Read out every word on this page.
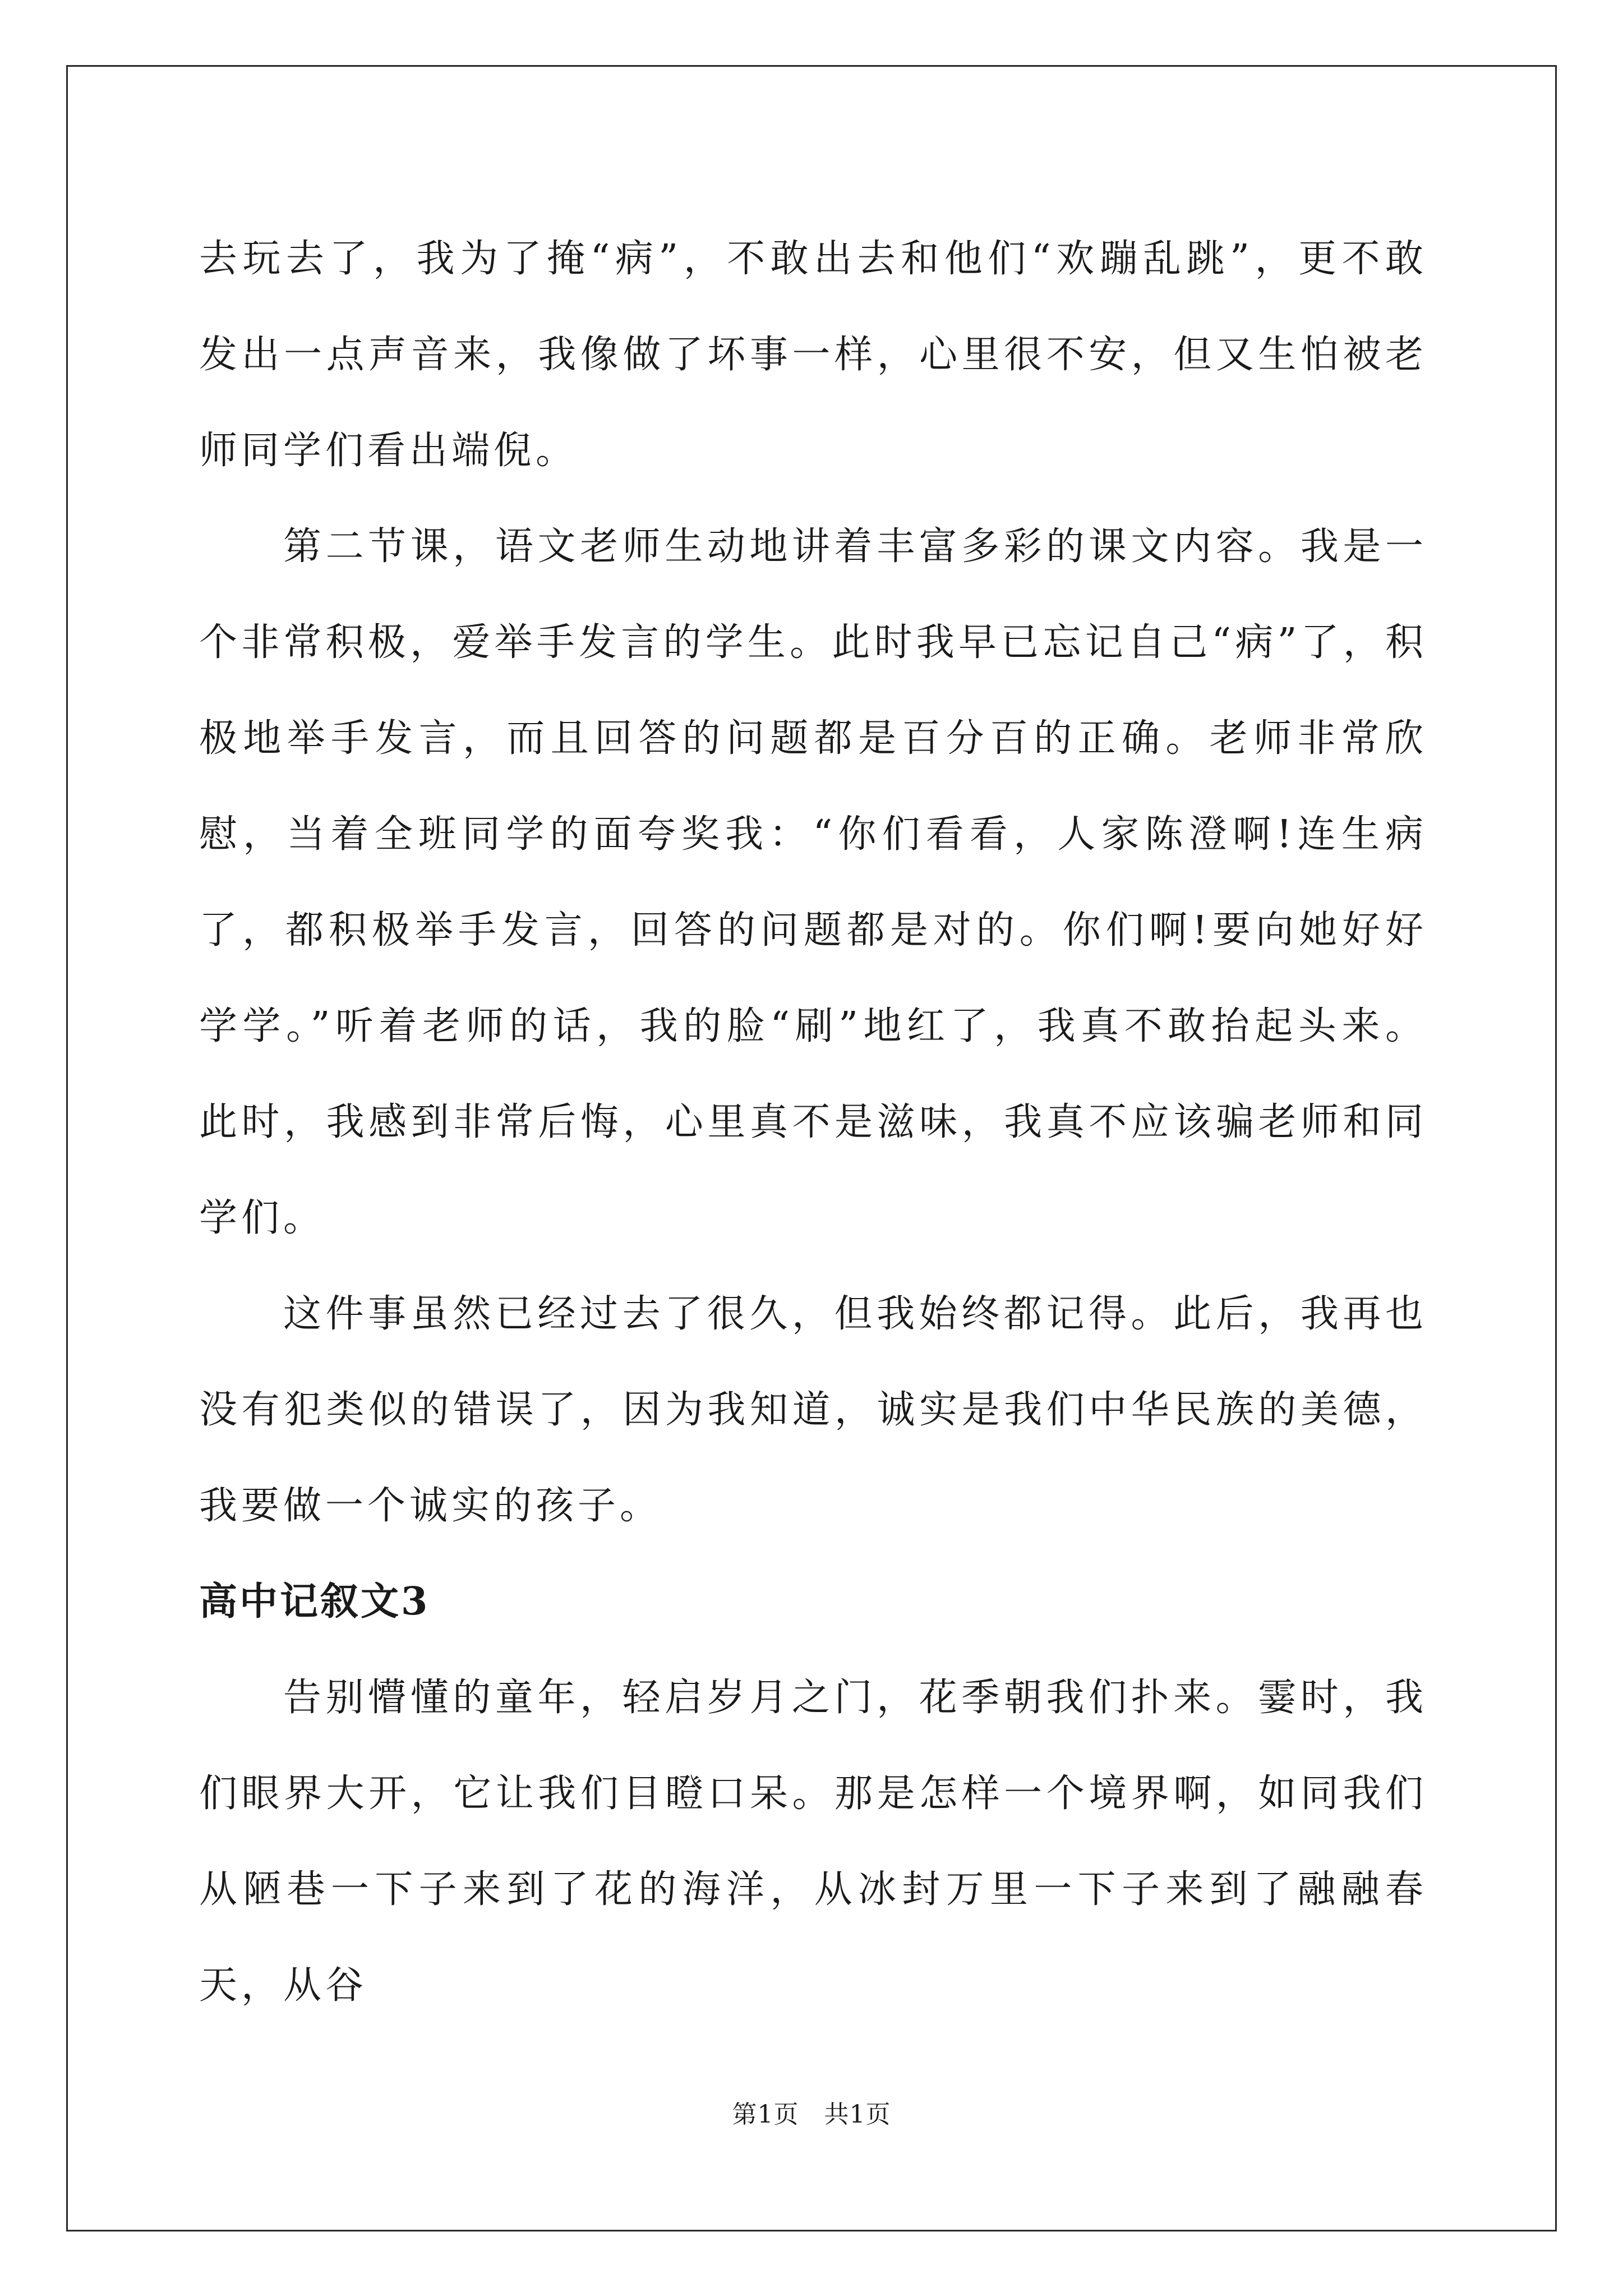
去玩去了，我为了掩“病”，不敢出去和他们“欢蹦乱跳”，更不敢发出一点声音来，我像做了坏事一样，心里很不安，但又生怕被老师同学们看出端倪。

第二节课，语文老师生动地讲着丰富多彩的课文内容。我是一个非常积极，爱举手发言的学生。此时我早已忘记自己“病”了，积极地举手发言，而且回答的问题都是百分百的正确。老师非常欣慰，当着全班同学的面夸奖我：“你们看看，人家陈澄啊!连生病了，都积极举手发言，回答的问题都是对的。你们啊!要向她好好学学。”听着老师的话，我的脸“刷”地红了，我真不敢抬起头来。此时，我感到非常后悔，心里真不是滋味，我真不应该骗老师和同学们。

这件事虽然已经过去了很久，但我始终都记得。此后，我再也没有犯类似的错误了，因为我知道，诚实是我们中华民族的美德，我要做一个诚实的孩子。

高中记叙文3

告别懵懂的童年，轻启岁月之门，花季朝我们扑来。霎时，我们眼界大开，它让我们目瞪口呆。那是怎样一个境界啊，如同我们从陋巷一下子来到了花的海洋，从冰封万里一下子来到了融融春天，从谷

第1页　共1页
